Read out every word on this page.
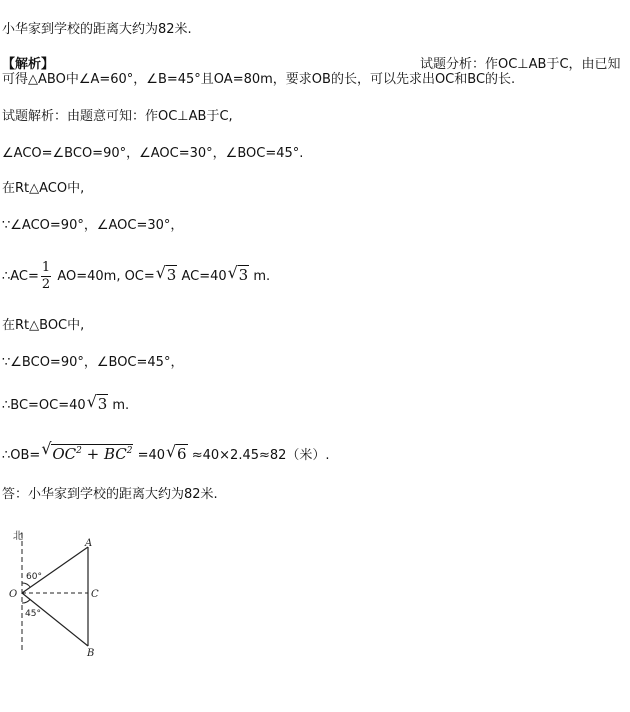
小华家到学校的距离大约为82米.
【解析】	试题分析：作OC⊥AB于C，由已知
可得△ABO中∠A=60°，∠B=45°且OA=80m，要求OB的长，可以先求出OC和BC的长.
试题解析：由题意可知：作OC⊥AB于C,
∠ACO=∠BCO=90°，∠AOC=30°，∠BOC=45°.
在Rt△ACO中,
∵∠ACO=90°，∠AOC=30°，
∴AC= $\frac{1}{2} AO=40m$, OC=√ 3 AC=40√ 3 m.
在Rt△BOC中,
∵∠BCO=90°，∠BOC=45°，
∴BC=OC=40√ 3 m.
∴OB=√ $OC^2 + BC^2 =40√$ 6 ≈40×2.45≈82（米）.
答：小华家到学校的距离大约为82米.
北
A
O	C
B
60°
45°
